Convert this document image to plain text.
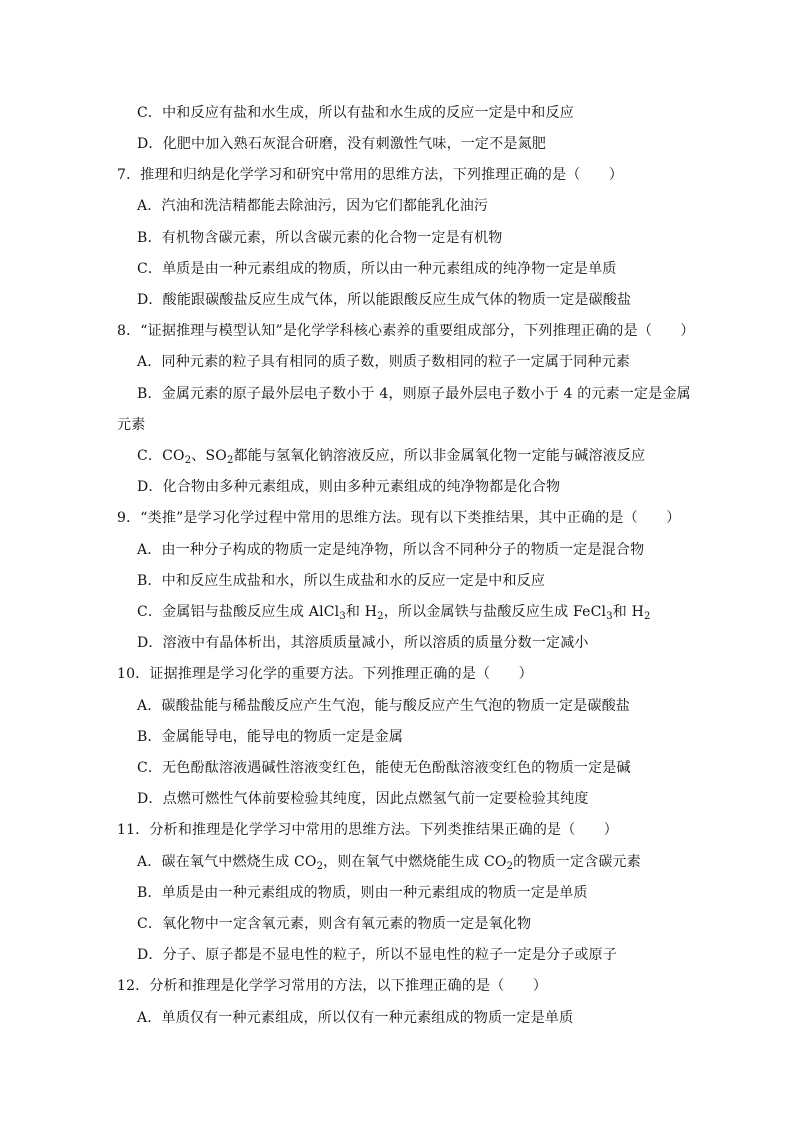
C．中和反应有盐和水生成，所以有盐和水生成的反应一定是中和反应
D．化肥中加入熟石灰混合研磨，没有刺激性气味，一定不是氮肥
7．推理和归纳是化学学习和研究中常用的思维方法，下列推理正确的是（　　）
A．汽油和洗洁精都能去除油污，因为它们都能乳化油污
B．有机物含碳元素，所以含碳元素的化合物一定是有机物
C．单质是由一种元素组成的物质，所以由一种元素组成的纯净物一定是单质
D．酸能跟碳酸盐反应生成气体，所以能跟酸反应生成气体的物质一定是碳酸盐
8．“证据推理与模型认知”是化学学科核心素养的重要组成部分，下列推理正确的是（　　）
A．同种元素的粒子具有相同的质子数，则质子数相同的粒子一定属于同种元素
B．金属元素的原子最外层电子数小于 4，则原子最外层电子数小于 4 的元素一定是金属
元素
C．$CO_2$、$SO_2$都能与氢氧化钠溶液反应，所以非金属氧化物一定能与碱溶液反应
D．化合物由多种元素组成，则由多种元素组成的纯净物都是化合物
9．“类推”是学习化学过程中常用的思维方法。现有以下类推结果，其中正确的是（　　）
A．由一种分子构成的物质一定是纯净物，所以含不同种分子的物质一定是混合物
B．中和反应生成盐和水，所以生成盐和水的反应一定是中和反应
C．金属铝与盐酸反应生成 AlCl$_3$和 $H_2$，所以金属铁与盐酸反应生成 FeCl$_3$和 $H_2$
D．溶液中有晶体析出，其溶质质量减小，所以溶质的质量分数一定减小
10．证据推理是学习化学的重要方法。下列推理正确的是（　　）
A．碳酸盐能与稀盐酸反应产生气泡，能与酸反应产生气泡的物质一定是碳酸盐
B．金属能导电，能导电的物质一定是金属
C．无色酚酞溶液遇碱性溶液变红色，能使无色酚酞溶液变红色的物质一定是碱
D．点燃可燃性气体前要检验其纯度，因此点燃氢气前一定要检验其纯度
11．分析和推理是化学学习中常用的思维方法。下列类推结果正确的是（　　）
A．碳在氧气中燃烧生成 $CO_2$，则在氧气中燃烧能生成 $CO_2$的物质一定含碳元素
B．单质是由一种元素组成的物质，则由一种元素组成的物质一定是单质
C．氧化物中一定含氧元素，则含有氧元素的物质一定是氧化物
D．分子、原子都是不显电性的粒子，所以不显电性的粒子一定是分子或原子
12．分析和推理是化学学习常用的方法，以下推理正确的是（　　）
A．单质仅有一种元素组成，所以仅有一种元素组成的物质一定是单质
